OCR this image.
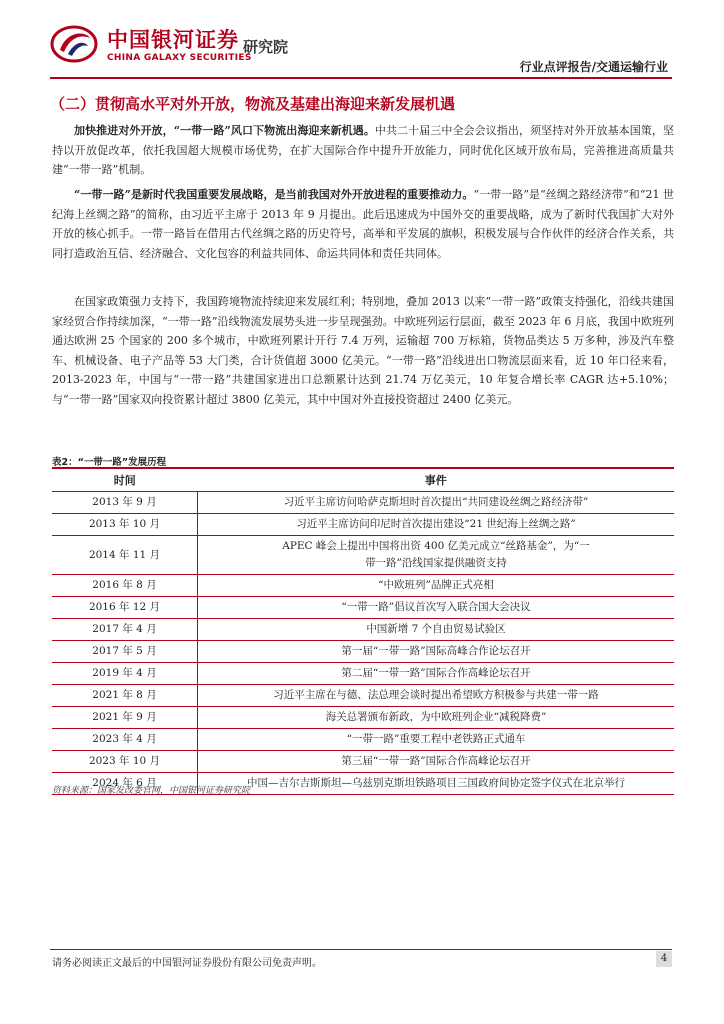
中国银河证券
CHINA GALAXY SECURITIES
研究院
行业点评报告/交通运输行业
（二）贯彻高水平对外开放，物流及基建出海迎来新发展机遇
加快推进对外开放，“一带一路”风口下物流出海迎来新机遇。中共二十届三中全会会议指出，须坚持对外开放基本国策，坚持以开放促改革，依托我国超大规模市场优势，在扩大国际合作中提升开放能力，同时优化区域开放布局，完善推进高质量共建“一带一路”机制。
“一带一路”是新时代我国重要发展战略，是当前我国对外开放进程的重要推动力。“一带一路”是“丝绸之路经济带”和“21 世纪海上丝绸之路”的简称，由习近平主席于 2013 年 9 月提出。此后迅速成为中国外交的重要战略，成为了新时代我国扩大对外开放的核心抓手。一带一路旨在借用古代丝绸之路的历史符号，高举和平发展的旗帜，积极发展与合作伙伴的经济合作关系，共同打造政治互信、经济融合、文化包容的利益共同体、命运共同体和责任共同体。
在国家政策强力支持下，我国跨境物流持续迎来发展红利；特别地，叠加 2013 以来“一带一路”政策支持强化，沿线共建国家经贸合作持续加深，“一带一路”沿线物流发展势头进一步呈现强劲。中欧班列运行层面，截至 2023 年 6 月底，我国中欧班列通达欧洲 25 个国家的 200 多个城市，中欧班列累计开行 7.4 万列，运输超 700 万标箱，货物品类达 5 万多种，涉及汽车整车、机械设备、电子产品等 53 大门类，合计货值超 3000 亿美元。“一带一路”沿线进出口物流层面来看，近 10 年口径来看，2013-2023 年，中国与“一带一路”共建国家进出口总额累计达到 21.74 万亿美元，10 年复合增长率 CAGR 达+5.10%；与“一带一路”国家双向投资累计超过 3800 亿美元，其中中国对外直接投资超过 2400 亿美元。
表2：“一带一路”发展历程
时间	事件
2013 年 9 月	习近平主席访问哈萨克斯坦时首次提出“共同建设丝绸之路经济带”
2013 年 10 月	习近平主席访问印尼时首次提出建设“21 世纪海上丝绸之路”
2014 年 11 月	APEC 峰会上提出中国将出资 400 亿美元成立“丝路基金”，为“一带一路”沿线国家提供融资支持
2016 年 8 月	“中欧班列”品牌正式亮相
2016 年 12 月	“一带一路”倡议首次写入联合国大会决议
2017 年 4 月	中国新增 7 个自由贸易试验区
2017 年 5 月	第一届“一带一路”国际高峰合作论坛召开
2019 年 4 月	第二届“一带一路”国际合作高峰论坛召开
2021 年 8 月	习近平主席在与德、法总理会谈时提出希望欧方积极参与共建一带一路
2021 年 9 月	海关总署颁布新政，为中欧班列企业“减税降费”
2023 年 4 月	“一带一路”重要工程中老铁路正式通车
2023 年 10 月	第三届“一带一路”国际合作高峰论坛召开
2024 年 6 月	中国—吉尔吉斯斯坦—乌兹别克斯坦铁路项目三国政府间协定签字仪式在北京举行
资料来源：国家发改委官网，中国银河证券研究院
请务必阅读正文最后的中国银河证券股份有限公司免责声明。	4
